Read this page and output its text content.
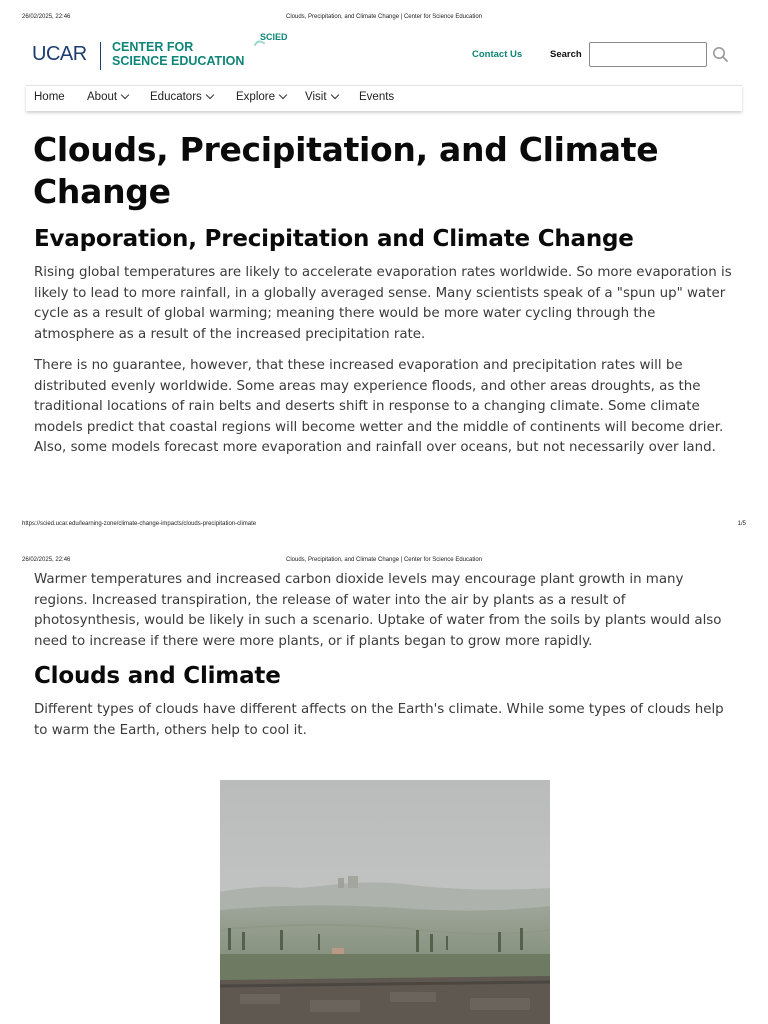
26/02/2025, 22:46	Clouds, Precipitation, and Climate Change | Center for Science Education
UCAR CENTER FOR
SCIENCE EDUCATION
SCIED
Contact Us	Search
Home About	Educators	Explore	Visit	Events
Clouds, Precipitation, and Climate Change
Evaporation, Precipitation and Climate Change

Rising global temperatures are likely to accelerate evaporation rates worldwide. So more evaporation is likely to lead to more rainfall, in a globally averaged sense. Many scientists speak of a "spun up" water cycle as a result of global warming; meaning there would be more water cycling through the atmosphere as a result of the increased precipitation rate.

There is no guarantee, however, that these increased evaporation and precipitation rates will be distributed evenly worldwide. Some areas may experience floods, and other areas droughts, as the traditional locations of rain belts and deserts shift in response to a changing climate. Some climate models predict that coastal regions will become wetter and the middle of continents will become drier. Also, some models forecast more evaporation and rainfall over oceans, but not necessarily over land.

https://scied.ucar.edu/learning-zone/climate-change-impacts/clouds-precipitation-climate	1/5
26/02/2025, 22:46	Clouds, Precipitation, and Climate Change | Center for Science Education

Warmer temperatures and increased carbon dioxide levels may encourage plant growth in many regions. Increased transpiration, the release of water into the air by plants as a result of photosynthesis, would be likely in such a scenario. Uptake of water from the soils by plants would also need to increase if there were more plants, or if plants began to grow more rapidly.

Clouds and Climate

Different types of clouds have different affects on the Earth's climate. While some types of clouds help to warm the Earth, others help to cool it.
